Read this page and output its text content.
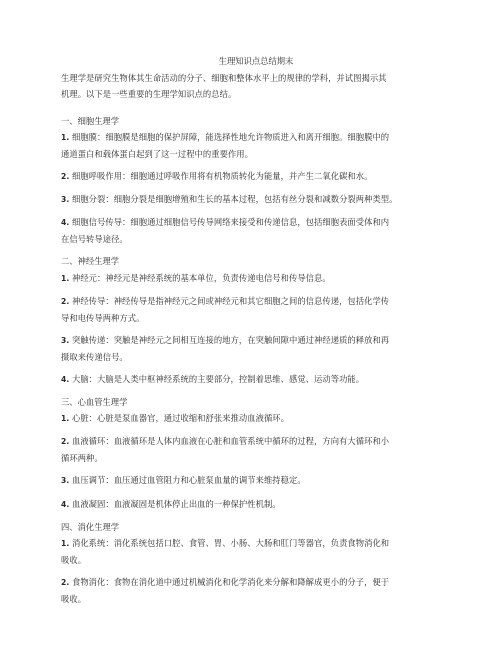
生理知识点总结期末
生理学是研究生物体其生命活动的分子、细胞和整体水平上的规律的学科，并试图揭示其
机理。以下是一些重要的生理学知识点的总结。
一、细胞生理学
1. 细胞膜：细胞膜是细胞的保护屏障，能选择性地允许物质进入和离开细胞。细胞膜中的
通道蛋白和载体蛋白起到了这一过程中的重要作用。
2. 细胞呼吸作用：细胞通过呼吸作用将有机物质转化为能量，并产生二氧化碳和水。
3. 细胞分裂：细胞分裂是细胞增殖和生长的基本过程，包括有丝分裂和减数分裂两种类型。
4. 细胞信号传导：细胞通过细胞信号传导网络来接受和传递信息，包括细胞表面受体和内
在信号转导途径。
二、神经生理学
1. 神经元：神经元是神经系统的基本单位，负责传递电信号和传导信息。
2. 神经传导：神经传导是指神经元之间或神经元和其它细胞之间的信息传递，包括化学传
导和电传导两种方式。
3. 突触传递：突触是神经元之间相互连接的地方，在突触间隙中通过神经递质的释放和再
摄取来传递信号。
4. 大脑：大脑是人类中枢神经系统的主要部分，控制着思维、感觉、运动等功能。
三、心血管生理学
1. 心脏：心脏是泵血器官，通过收缩和舒张来推动血液循环。
2. 血液循环：血液循环是人体内血液在心脏和血管系统中循环的过程，方向有大循环和小
循环两种。
3. 血压调节：血压通过血管阻力和心脏泵血量的调节来维持稳定。
4. 血液凝固：血液凝固是机体停止出血的一种保护性机制。
四、消化生理学
1. 消化系统：消化系统包括口腔、食管、胃、小肠、大肠和肛门等器官，负责食物消化和
吸收。
2. 食物消化：食物在消化道中通过机械消化和化学消化来分解和降解成更小的分子，便于
吸收。
